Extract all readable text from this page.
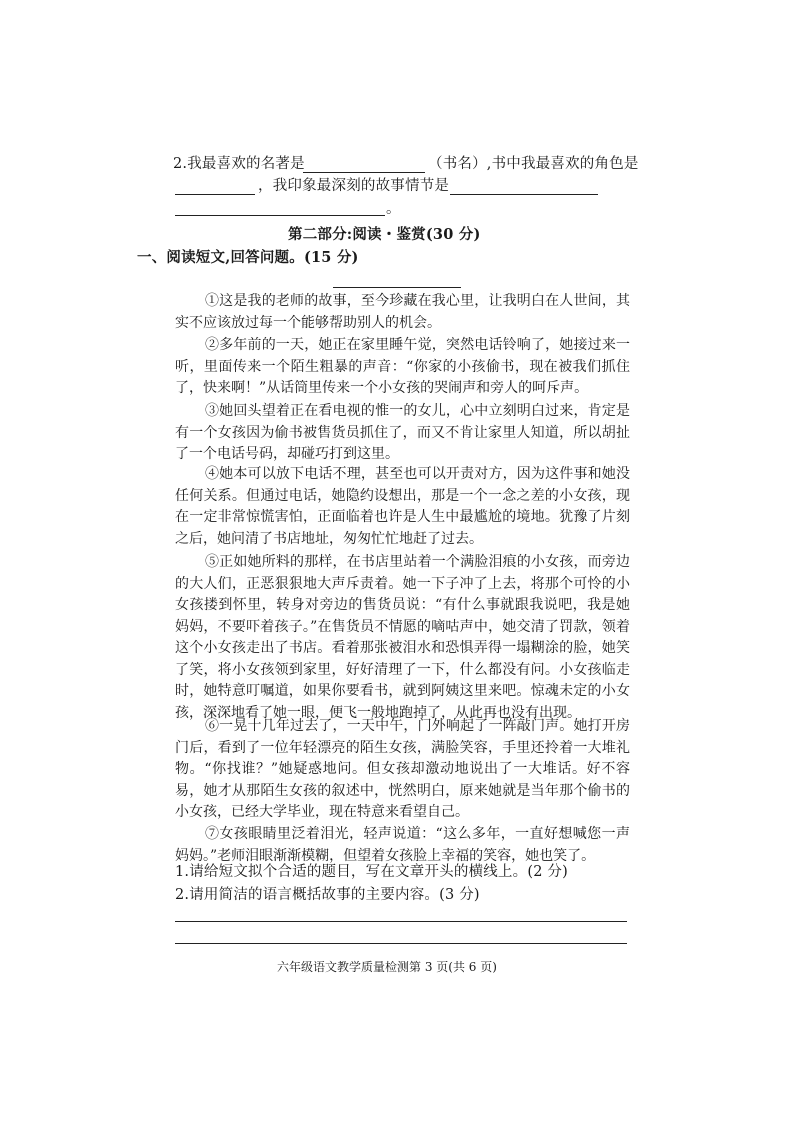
2.我最喜欢的名著是	（书名）,书中我最喜欢的角色是
，我印象最深刻的故事情节是
。
第二部分:阅读・鉴赏(30 分)
一、阅读短文,回答问题。(15 分)
①这是我的老师的故事，至今珍藏在我心里，让我明白在人世间，其实不应该放过每一个能够帮助别人的机会。
②多年前的一天，她正在家里睡午觉，突然电话铃响了，她接过来一听，里面传来一个陌生粗暴的声音：“你家的小孩偷书，现在被我们抓住了，快来啊！”从话筒里传来一个小女孩的哭闹声和旁人的呵斥声。
③她回头望着正在看电视的惟一的女儿，心中立刻明白过来，肯定是有一个女孩因为偷书被售货员抓住了，而又不肯让家里人知道，所以胡扯了一个电话号码，却碰巧打到这里。
④她本可以放下电话不理，甚至也可以开责对方，因为这件事和她没任何关系。但通过电话，她隐约设想出，那是一个一念之差的小女孩，现在一定非常惊慌害怕，正面临着也许是人生中最尴尬的境地。犹豫了片刻之后，她问清了书店地址，匆匆忙忙地赶了过去。
⑤正如她所料的那样，在书店里站着一个满脸泪痕的小女孩，而旁边的大人们，正恶狠狠地大声斥责着。她一下子冲了上去，将那个可怜的小女孩搂到怀里，转身对旁边的售货员说：“有什么事就跟我说吧，我是她妈妈，不要吓着孩子。”在售货员不情愿的嘀咕声中，她交清了罚款，领着这个小女孩走出了书店。看着那张被泪水和恐惧弄得一塌糊涂的脸，她笑了笑，将小女孩领到家里，好好清理了一下，什么都没有问。小女孩临走时，她特意叮嘱道，如果你要看书，就到阿姨这里来吧。惊魂未定的小女孩，深深地看了她一眼，便飞一般地跑掉了，从此再也没有出现。
⑥一晃十几年过去了，一天中午，门外响起了一阵敲门声。她打开房门后，看到了一位年轻漂亮的陌生女孩，满脸笑容，手里还拎着一大堆礼物。“你找谁？”她疑惑地问。但女孩却激动地说出了一大堆话。好不容易，她才从那陌生女孩的叙述中，恍然明白，原来她就是当年那个偷书的小女孩，已经大学毕业，现在特意来看望自己。
⑦女孩眼睛里泛着泪光，轻声说道：“这么多年，一直好想喊您一声妈妈。”老师泪眼渐渐模糊，但望着女孩脸上幸福的笑容，她也笑了。
1.请给短文拟个合适的题目，写在文章开头的横线上。(2 分)
2.请用简洁的语言概括故事的主要内容。(3 分)
六年级语文教学质量检测第 3 页(共 6 页)
